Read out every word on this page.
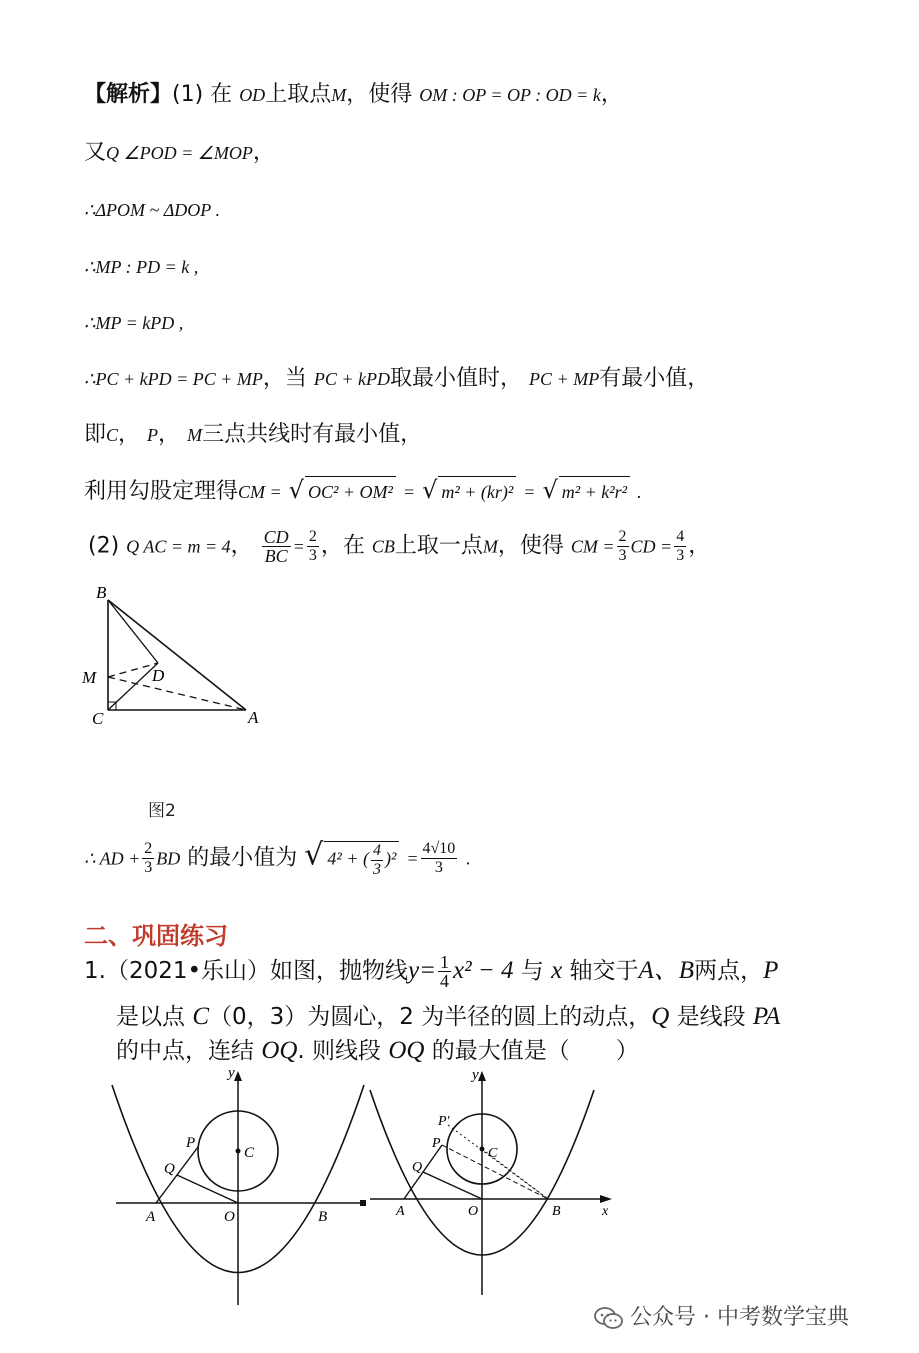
【解析】(1) 在 OD上取点M，使得 OM : OP = OP : OD = k，
又Q ∠POD = ∠MOP，
∴ΔPOM ~ ΔDOP .
∴MP : PD = k ,
∴MP = kPD ,
∴PC + kPD = PC + MP，当 PC + kPD取最小值时， PC + MP有最小值，
即C， P， M三点共线时有最小值，
利用勾股定理得CM = √ OC² + OM² = √ m² + (kr)² = √ m² + k²r² .
(2) Q AC = m = 4， $\frac{CD}{BC} = \frac{2}{3}$ ，在 CB上取一点M，使得 CM = $\frac{2}{3}$ CD = $\frac{4}{3}$ ，
B
M	D
C	A
图2
∴ AD + $\frac{2}{3}$ BD 的最小值为 √ 4² + ( $\frac{4}{3} )^2 = \frac{4√10}{3}$ .
二、巩固练习
1.（2021•乐山）如图，抛物线$y= \frac{1}{4} x^2 - 4$ 与 x 轴交于A、B两点，P
是以点 C（0，3）为圆心，2 为半径的圆上的动点，Q 是线段 PA
的中点，连结 OQ. 则线段 OQ 的最大值是（　　）
y
P
Q
C
A	O	B
y
P′
P
Q
C
A	O	B	x
公众号 · 中考数学宝典
